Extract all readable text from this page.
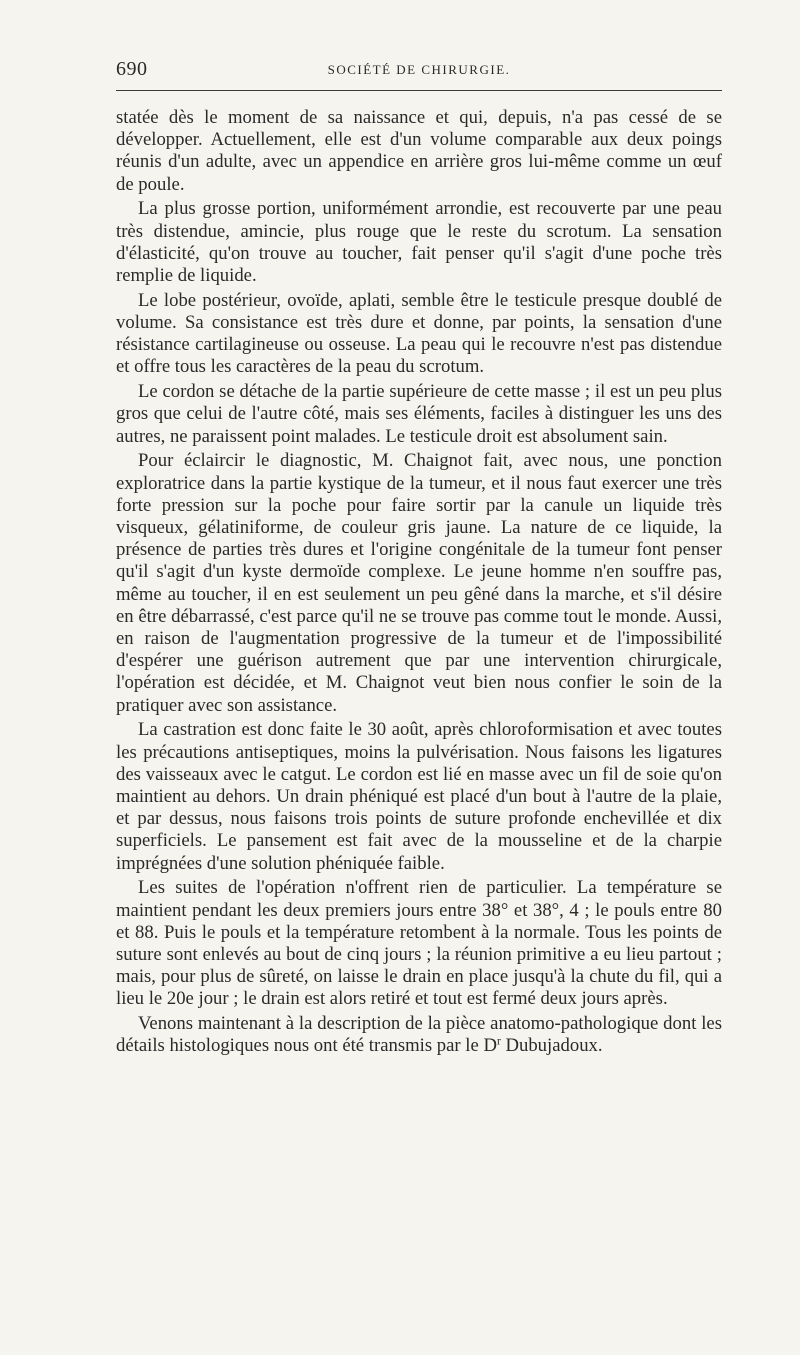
690	SOCIÉTÉ DE CHIRURGIE.

statée dès le moment de sa naissance et qui, depuis, n'a pas cessé de se développer. Actuellement, elle est d'un volume comparable aux deux poings réunis d'un adulte, avec un appendice en arrière gros lui-même comme un œuf de poule.

La plus grosse portion, uniformément arrondie, est recouverte par une peau très distendue, amincie, plus rouge que le reste du scrotum. La sensation d'élasticité, qu'on trouve au toucher, fait penser qu'il s'agit d'une poche très remplie de liquide.

Le lobe postérieur, ovoïde, aplati, semble être le testicule presque doublé de volume. Sa consistance est très dure et donne, par points, la sensation d'une résistance cartilagineuse ou osseuse. La peau qui le recouvre n'est pas distendue et offre tous les caractères de la peau du scrotum.

Le cordon se détache de la partie supérieure de cette masse ; il est un peu plus gros que celui de l'autre côté, mais ses éléments, faciles à distinguer les uns des autres, ne paraissent point malades. Le testicule droit est absolument sain.

Pour éclaircir le diagnostic, M. Chaignot fait, avec nous, une ponction exploratrice dans la partie kystique de la tumeur, et il nous faut exercer une très forte pression sur la poche pour faire sortir par la canule un liquide très visqueux, gélatiniforme, de couleur gris jaune. La nature de ce liquide, la présence de parties très dures et l'origine congénitale de la tumeur font penser qu'il s'agit d'un kyste dermoïde complexe. Le jeune homme n'en souffre pas, même au toucher, il en est seulement un peu gêné dans la marche, et s'il désire en être débarrassé, c'est parce qu'il ne se trouve pas comme tout le monde. Aussi, en raison de l'augmentation progressive de la tumeur et de l'impossibilité d'espérer une guérison autrement que par une intervention chirurgicale, l'opération est décidée, et M. Chaignot veut bien nous confier le soin de la pratiquer avec son assistance.

La castration est donc faite le 30 août, après chloroformisation et avec toutes les précautions antiseptiques, moins la pulvérisation. Nous faisons les ligatures des vaisseaux avec le catgut. Le cordon est lié en masse avec un fil de soie qu'on maintient au dehors. Un drain phéniqué est placé d'un bout à l'autre de la plaie, et par dessus, nous faisons trois points de suture profonde enchevillée et dix superficiels. Le pansement est fait avec de la mousseline et de la charpie imprégnées d'une solution phéniquée faible.

Les suites de l'opération n'offrent rien de particulier. La température se maintient pendant les deux premiers jours entre 38° et 38°, 4 ; le pouls entre 80 et 88. Puis le pouls et la température retombent à la normale. Tous les points de suture sont enlevés au bout de cinq jours ; la réunion primitive a eu lieu partout ; mais, pour plus de sûreté, on laisse le drain en place jusqu'à la chute du fil, qui a lieu le 20e jour ; le drain est alors retiré et tout est fermé deux jours après.

Venons maintenant à la description de la pièce anatomo-pathologique dont les détails histologiques nous ont été transmis par le $D^r$ Dubujadoux.
